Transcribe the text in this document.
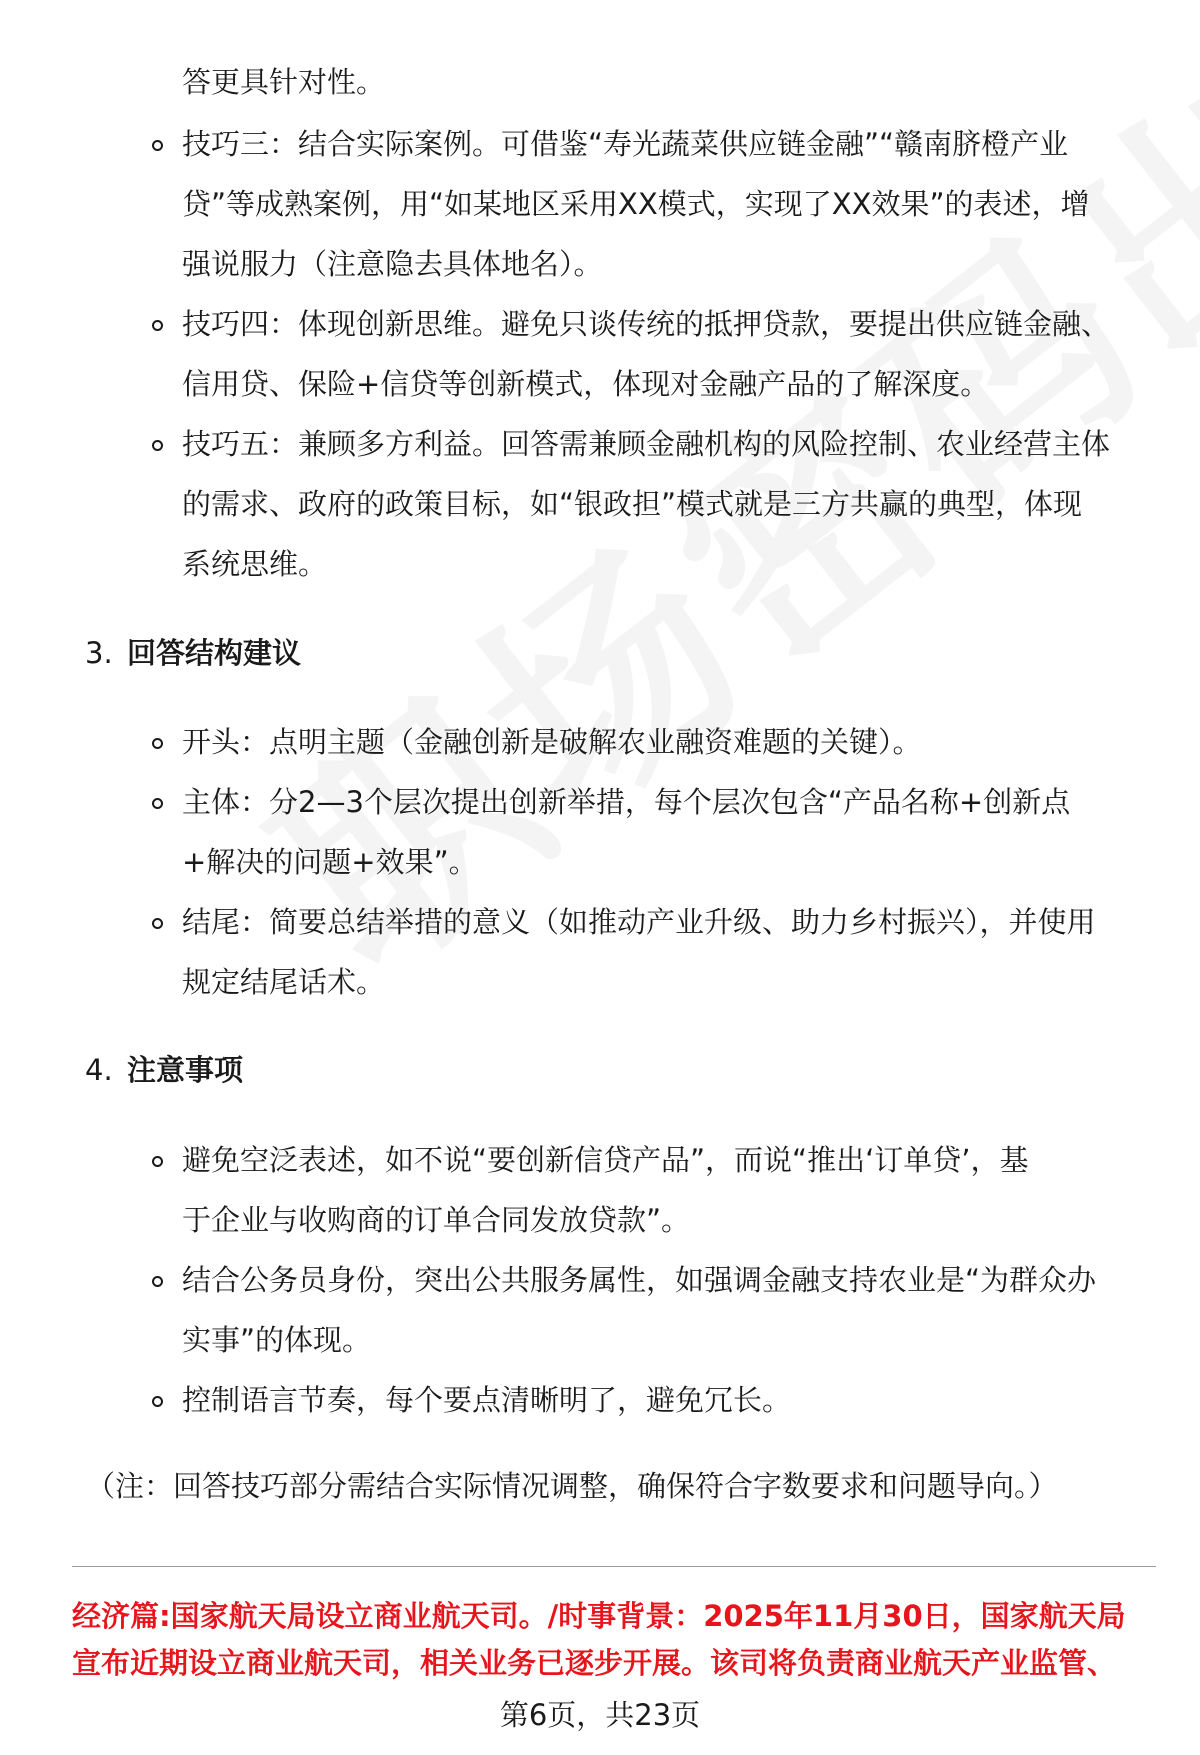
答更具针对性。
技巧三：结合实际案例。可借鉴“寿光蔬菜供应链金融”“赣南脐橙产业
贷”等成熟案例，用“如某地区采用XX模式，实现了XX效果”的表述，增
强说服力（注意隐去具体地名）。
技巧四：体现创新思维。避免只谈传统的抵押贷款，要提出供应链金融、
信用贷、保险+信贷等创新模式，体现对金融产品的了解深度。
技巧五：兼顾多方利益。回答需兼顾金融机构的风险控制、农业经营主体
的需求、政府的政策目标，如“银政担”模式就是三方共赢的典型，体现
系统思维。
3. 回答结构建议
开头：点明主题（金融创新是破解农业融资难题的关键）。
主体：分2—3个层次提出创新举措，每个层次包含“产品名称+创新点
+解决的问题+效果”。
结尾：简要总结举措的意义（如推动产业升级、助力乡村振兴），并使用
规定结尾话术。
4. 注意事项
避免空泛表述，如不说“要创新信贷产品”，而说“推出‘订单贷’，基
于企业与收购商的订单合同发放贷款”。
结合公务员身份，突出公共服务属性，如强调金融支持农业是“为群众办
实事”的体现。
控制语言节奏，每个要点清晰明了，避免冗长。
（注：回答技巧部分需结合实际情况调整，确保符合字数要求和问题导向。）
经济篇:国家航天局设立商业航天司。/时事背景：2025年11月30日，国家航天局
宣布近期设立商业航天司，相关业务已逐步开展。该司将负责商业航天产业监管、
第6页，共23页
